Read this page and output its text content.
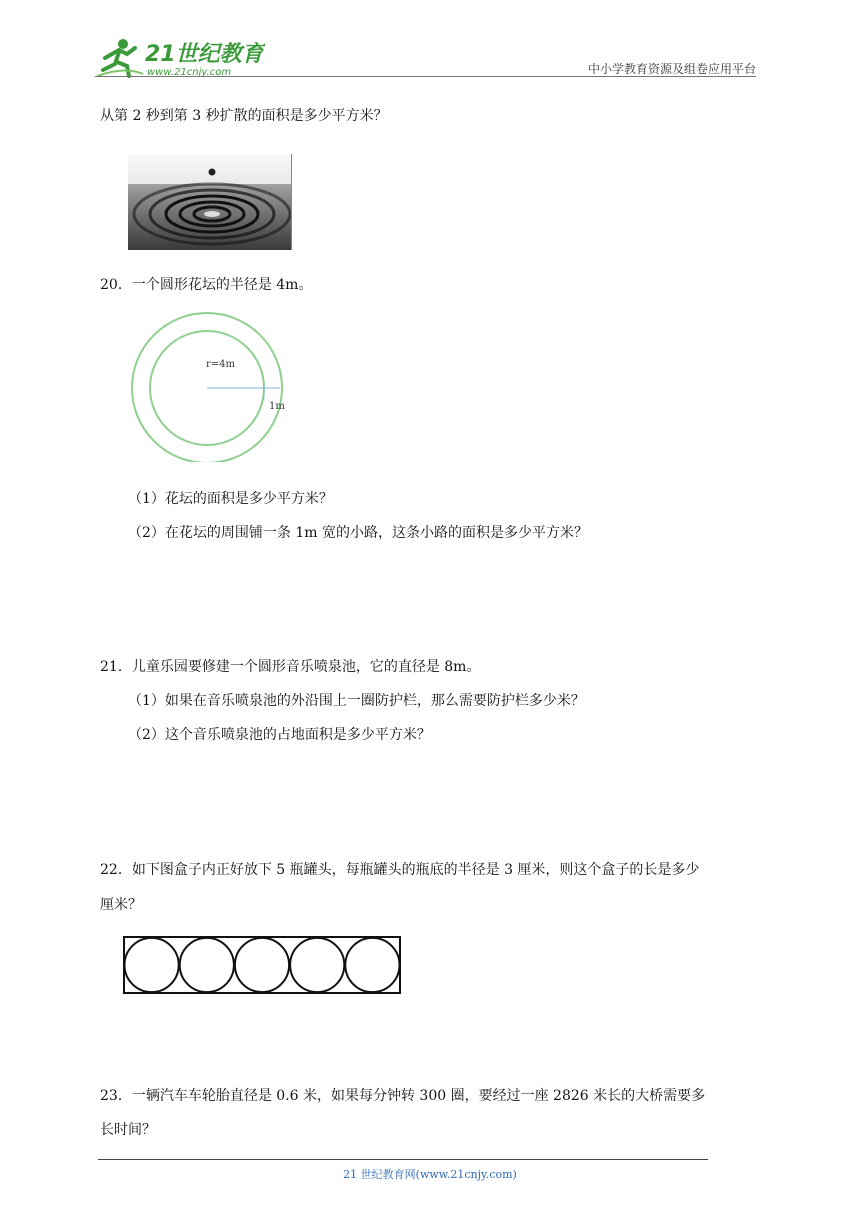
21世纪教育
www.21cnjy.com	中小学教育资源及组卷应用平台
从第 2 秒到第 3 秒扩散的面积是多少平方米？
20．一个圆形花坛的半径是 4m。
r=4m
1m
（1）花坛的面积是多少平方米？
（2）在花坛的周围铺一条 1m 宽的小路，这条小路的面积是多少平方米？
21．儿童乐园要修建一个圆形音乐喷泉池，它的直径是 8m。
（1）如果在音乐喷泉池的外沿围上一圈防护栏，那么需要防护栏多少米？
（2）这个音乐喷泉池的占地面积是多少平方米？
22．如下图盒子内正好放下 5 瓶罐头，每瓶罐头的瓶底的半径是 3 厘米，则这个盒子的长是多少
厘米？
23．一辆汽车车轮胎直径是 0.6 米，如果每分钟转 300 圈，要经过一座 2826 米长的大桥需要多
长时间？
21 世纪教育网(www.21cnjy.com)
